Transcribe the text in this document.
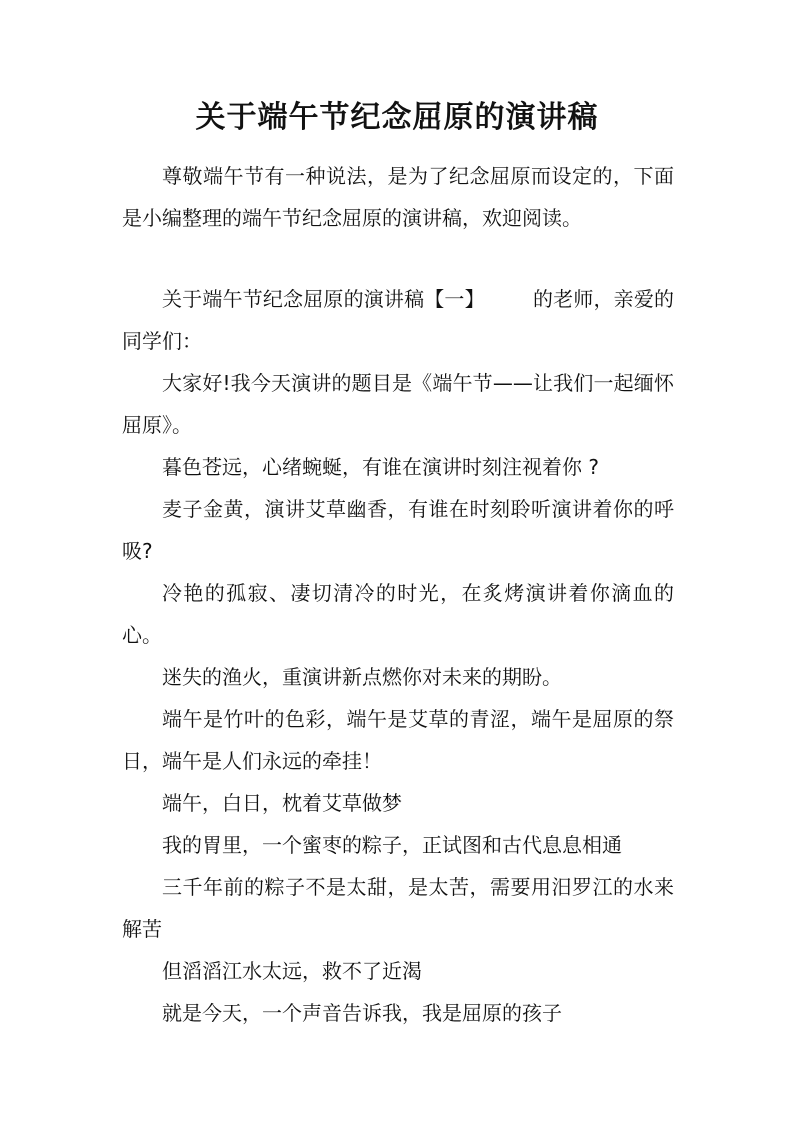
关于端午节纪念屈原的演讲稿

尊敬端午节有一种说法，是为了纪念屈原而设定的，下面是小编整理的端午节纪念屈原的演讲稿，欢迎阅读。

关于端午节纪念屈原的演讲稿【一】 的老师，亲爱的同学们：

大家好!我今天演讲的题目是《端午节——让我们一起缅怀屈原》。

暮色苍远，心绪蜿蜒，有谁在演讲时刻注视着你 ?

麦子金黄，演讲艾草幽香，有谁在时刻聆听演讲着你的呼吸?

冷艳的孤寂、凄切清冷的时光，在炙烤演讲着你滴血的心。

迷失的渔火，重演讲新点燃你对未来的期盼。

端午是竹叶的色彩，端午是艾草的青涩，端午是屈原的祭日，端午是人们永远的牵挂！

端午，白日，枕着艾草做梦

我的胃里，一个蜜枣的粽子，正试图和古代息息相通

三千年前的粽子不是太甜，是太苦，需要用汨罗江的水来解苦

但滔滔江水太远，救不了近渴

就是今天，一个声音告诉我，我是屈原的孩子
